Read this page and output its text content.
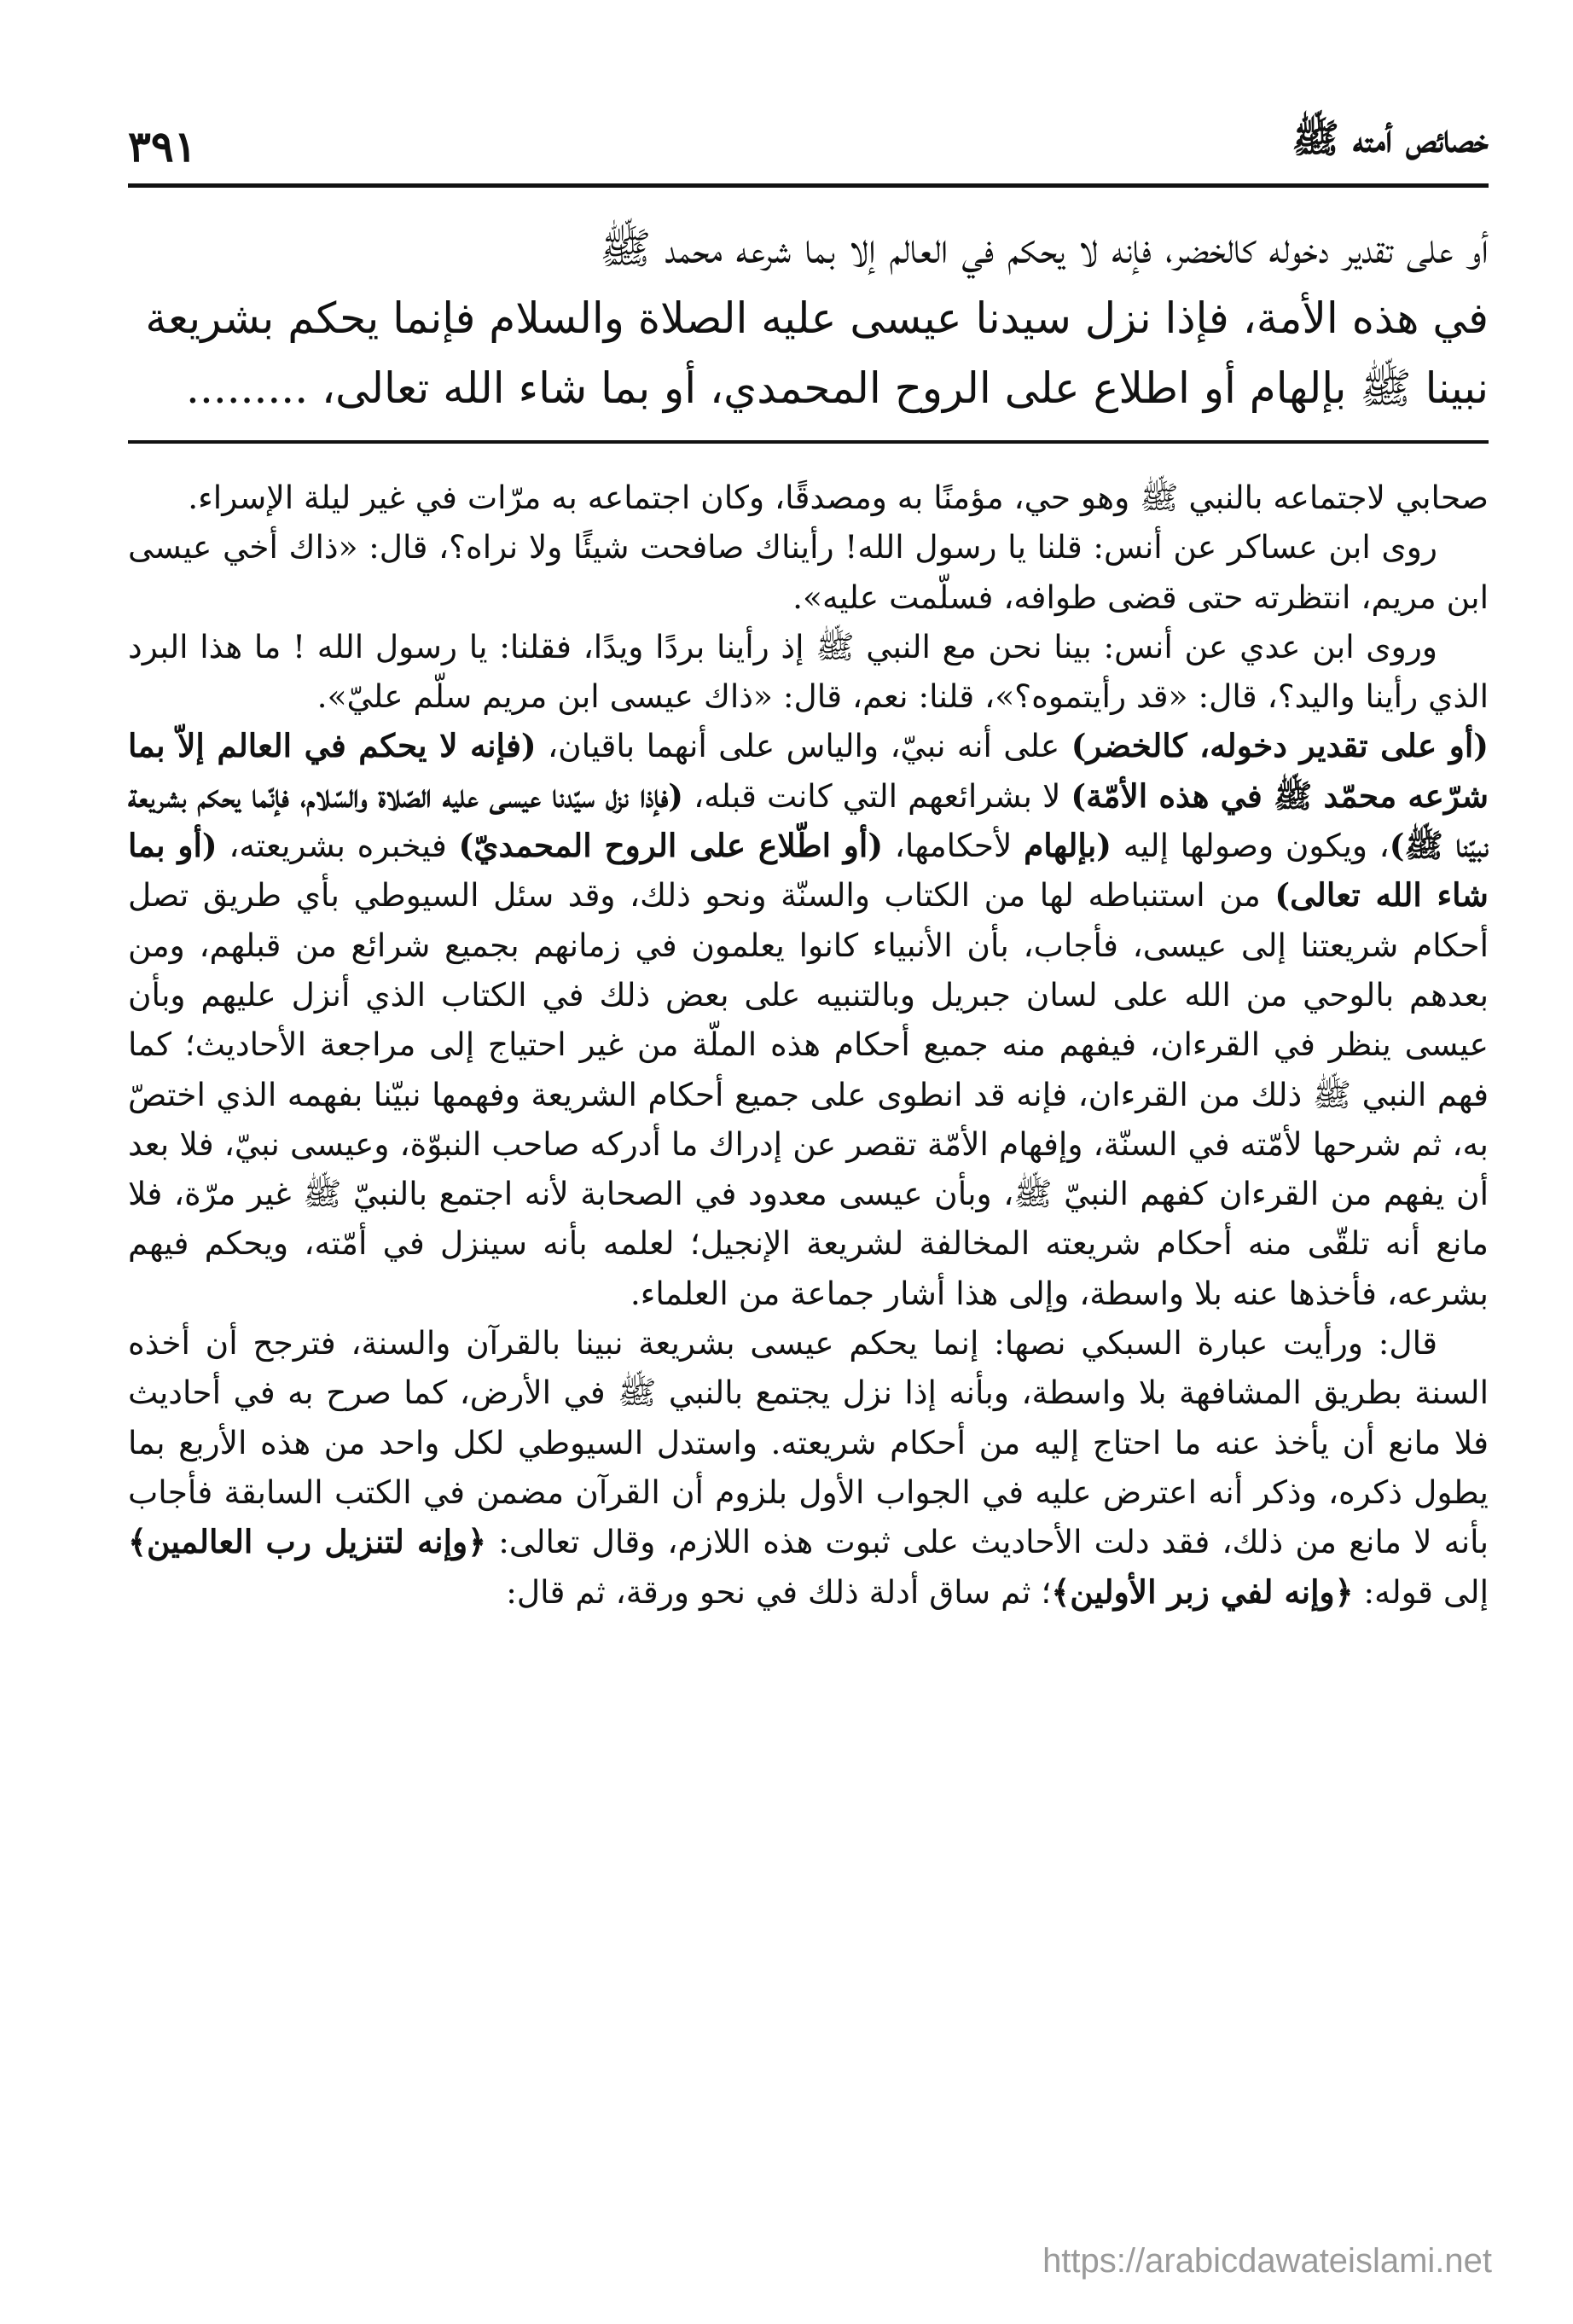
خصائص أمته ﷺ
٣٩١
أو على تقدير دخوله كالخضر، فإنه لا يحكم في العالم إلا بما شرعه محمد ﷺ
في هذه الأمة، فإذا نزل سيدنا عيسى عليه الصلاة والسلام فإنما يحكم بشريعة
نبينا ﷺ بإلهام أو اطلاع على الروح المحمدي، أو بما شاء الله تعالى، .........

صحابي لاجتماعه بالنبي ﷺ وهو حي، مؤمنًا به ومصدقًا، وكان اجتماعه به مرّات في غير ليلة الإسراء.

روى ابن عساكر عن أنس: قلنا يا رسول الله! رأيناك صافحت شيئًا ولا نراه؟، قال: «ذاك أخي عيسى ابن مريم، انتظرته حتى قضى طوافه، فسلّمت عليه».

وروى ابن عدي عن أنس: بينا نحن مع النبي ﷺ إذ رأينا بردًا ويدًا، فقلنا: يا رسول الله ! ما هذا البرد الذي رأينا واليد؟، قال: «قد رأيتموه؟»، قلنا: نعم، قال: «ذاك عيسى ابن مريم سلّم عليّ».
(أو على تقدير دخوله، كالخضر) على أنه نبيّ، والياس على أنهما باقيان، (فإنه لا يحكم في العالم إلاّ بما شرّعه محمّد ﷺ في هذه الأمّة) لا بشرائعهم التي كانت قبله، (فإذا نزل سيّدنا عيسى عليه الصّلاة والسّلام، فإنّما يحكم بشريعة نبيّنا ﷺ)، ويكون وصولها إليه (بإلهام لأحكامها، (أو اطّلاع على الروح المحمديّ) فيخبره بشريعته، (أو بما شاء الله تعالى) من استنباطه لها من الكتاب والسنّة ونحو ذلك، وقد سئل السيوطي بأي طريق تصل أحكام شريعتنا إلى عيسى، فأجاب، بأن الأنبياء كانوا يعلمون في زمانهم بجميع شرائع من قبلهم، ومن بعدهم بالوحي من الله على لسان جبريل وبالتنبيه على بعض ذلك في الكتاب الذي أنزل عليهم وبأن عيسى ينظر في القرءان، فيفهم منه جميع أحكام هذه الملّة من غير احتياج إلى مراجعة الأحاديث؛ كما فهم النبي ﷺ ذلك من القرءان، فإنه قد انطوى على جميع أحكام الشريعة وفهمها نبيّنا بفهمه الذي اختصّ به، ثم شرحها لأمّته في السنّة، وإفهام الأمّة تقصر عن إدراك ما أدركه صاحب النبوّة، وعيسى نبيّ، فلا بعد أن يفهم من القرءان كفهم النبيّ ﷺ، وبأن عيسى معدود في الصحابة لأنه اجتمع بالنبيّ ﷺ غير مرّة، فلا مانع أنه تلقّى منه أحكام شريعته المخالفة لشريعة الإنجيل؛ لعلمه بأنه سينزل في أمّته، ويحكم فيهم بشرعه، فأخذها عنه بلا واسطة، وإلى هذا أشار جماعة من العلماء.

قال: ورأيت عبارة السبكي نصها: إنما يحكم عيسى بشريعة نبينا بالقرآن والسنة، فترجح أن أخذه السنة بطريق المشافهة بلا واسطة، وبأنه إذا نزل يجتمع بالنبي ﷺ في الأرض، كما صرح به في أحاديث فلا مانع أن يأخذ عنه ما احتاج إليه من أحكام شريعته. واستدل السيوطي لكل واحد من هذه الأربع بما يطول ذكره، وذكر أنه اعترض عليه في الجواب الأول بلزوم أن القرآن مضمن في الكتب السابقة فأجاب بأنه لا مانع من ذلك، فقد دلت الأحاديث على ثبوت هذه اللازم، وقال تعالى: ﴿وإنه لتنزيل رب العالمين﴾ إلى قوله: ﴿وإنه لفي زبر الأولين﴾؛ ثم ساق أدلة ذلك في نحو ورقة، ثم قال:

https://arabicdawateislami.net
